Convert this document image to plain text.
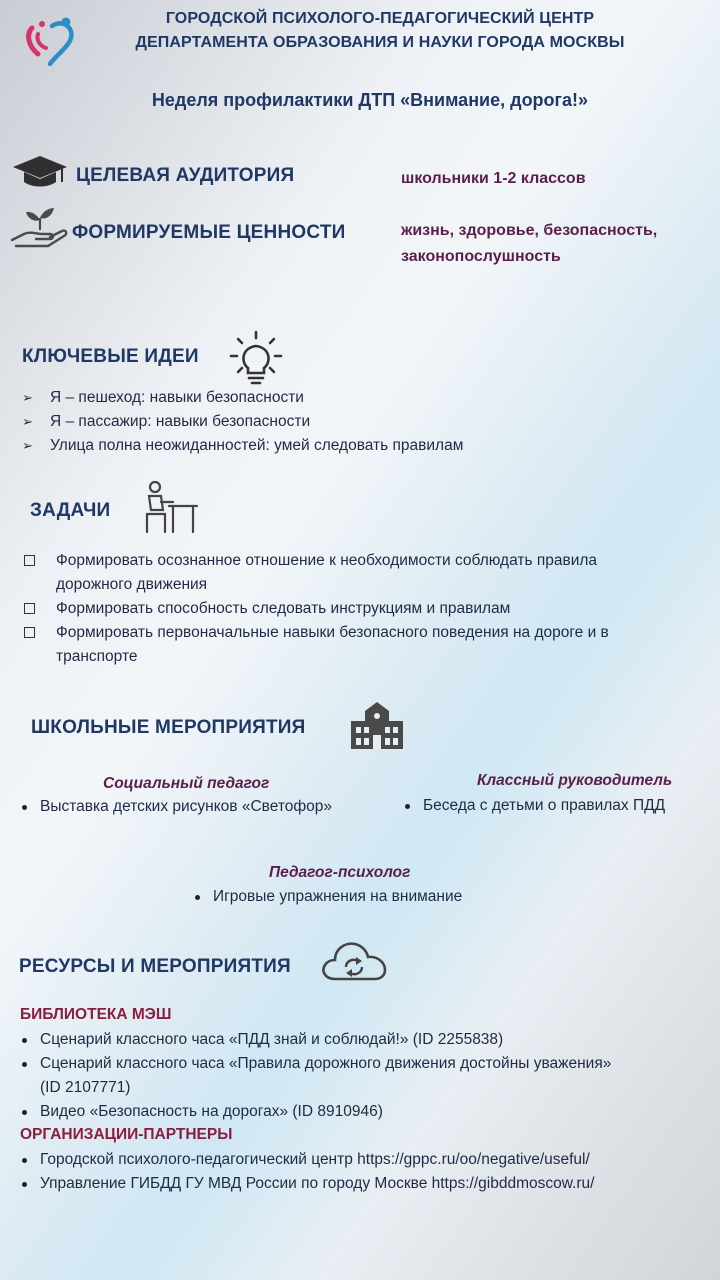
ГОРОДСКОЙ ПСИХОЛОГО-ПЕДАГОГИЧЕСКИЙ ЦЕНТР
ДЕПАРТАМЕНТА ОБРАЗОВАНИЯ И НАУКИ ГОРОДА МОСКВЫ
Неделя профилактики ДТП «Внимание, дорога!»
ЦЕЛЕВАЯ АУДИТОРИЯ	школьники 1-2 классов
ФОРМИРУЕМЫЕ ЦЕННОСТИ	жизнь, здоровье, безопасность,
законопослушность
КЛЮЧЕВЫЕ ИДЕИ
➢ Я – пешеход: навыки безопасности
➢ Я – пассажир: навыки безопасности
➢ Улица полна неожиданностей: умей следовать правилам
ЗАДАЧИ
Формировать осознанное отношение к необходимости соблюдать правила
дорожного движения
Формировать способность следовать инструкциям и правилам
Формировать первоначальные навыки безопасного поведения на дороге и в
транспорте
ШКОЛЬНЫЕ МЕРОПРИЯТИЯ
Социальный педагог
Выставка детских рисунков «Светофор»
Классный руководитель
Беседа с детьми о правилах ПДД
Педагог-психолог
Игровые упражнения на внимание
РЕСУРСЫ И МЕРОПРИЯТИЯ
БИБЛИОТЕКА МЭШ
Сценарий классного часа «ПДД знай и соблюдай!» (ID 2255838)
Сценарий классного часа «Правила дорожного движения достойны уважения»
(ID 2107771)
Видео «Безопасность на дорогах» (ID 8910946)
ОРГАНИЗАЦИИ-ПАРТНЕРЫ
Городской психолого-педагогический центр https://gppc.ru/oo/negative/useful/
Управление ГИБДД ГУ МВД России по городу Москве https://gibddmoscow.ru/
